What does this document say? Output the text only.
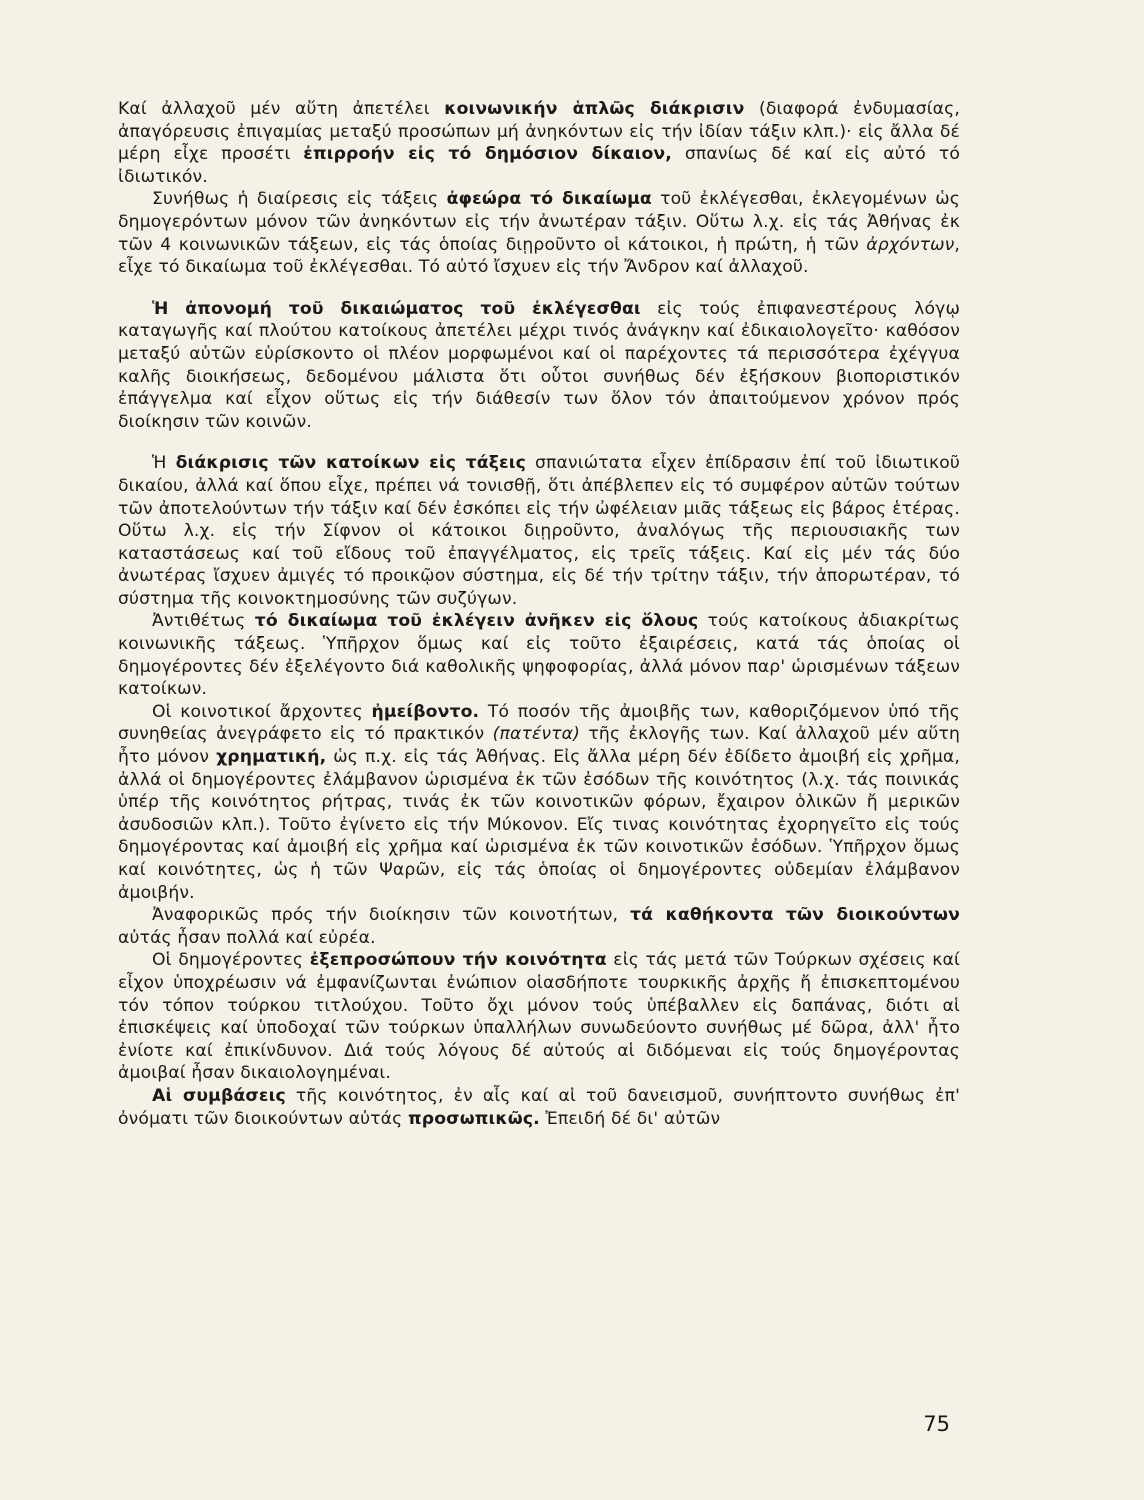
Καί ἀλλαχοῦ μέν αὕτη ἀπετέλει κοινωνικήν ἁπλῶς διάκρισιν (διαφορά ἐνδυμασίας, ἀπαγόρευσις ἐπιγαμίας μεταξύ προσώπων μή ἀνηκόντων εἰς τήν ἰδίαν τάξιν κλπ.)· εἰς ἄλλα δέ μέρη εἶχε προσέτι ἐπιρροήν εἰς τό δημόσιον δίκαιον, σπανίως δέ καί εἰς αὐτό τό ἰδιωτικόν.

Συνήθως ἡ διαίρεσις εἰς τάξεις ἀφεώρα τό δικαίωμα τοῦ ἐκλέγεσθαι, ἐκλεγομένων ὡς δημογερόντων μόνον τῶν ἀνηκόντων εἰς τήν ἀνωτέραν τάξιν. Οὕτω λ.χ. εἰς τάς Ἀθήνας ἐκ τῶν 4 κοινωνικῶν τάξεων, εἰς τάς ὁποίας διῃροῦντο οἱ κάτοικοι, ἡ πρώτη, ἡ τῶν ἀρχόντων, εἶχε τό δικαίωμα τοῦ ἐκλέγεσθαι. Τό αὐτό ἴσχυεν εἰς τήν Ἄνδρον καί ἀλλαχοῦ.

Ἡ ἀπονομή τοῦ δικαιώματος τοῦ ἐκλέγεσθαι εἰς τούς ἐπιφανεστέρους λόγῳ καταγωγῆς καί πλούτου κατοίκους ἀπετέλει μέχρι τινός ἀνάγκην καί ἐδικαιολογεῖτο· καθόσον μεταξύ αὐτῶν εὑρίσκοντο οἱ πλέον μορφωμένοι καί οἱ παρέχοντες τά περισσότερα ἐχέγγυα καλῆς διοικήσεως, δεδομένου μάλιστα ὅτι οὗτοι συνήθως δέν ἐξήσκουν βιοποριστικόν ἐπάγγελμα καί εἶχον οὕτως εἰς τήν διάθεσίν των ὅλον τόν ἀπαιτούμενον χρόνον πρός διοίκησιν τῶν κοινῶν.

Ἡ διάκρισις τῶν κατοίκων εἰς τάξεις σπανιώτατα εἶχεν ἐπίδρασιν ἐπί τοῦ ἰδιωτικοῦ δικαίου, ἀλλά καί ὅπου εἶχε, πρέπει νά τονισθῇ, ὅτι ἀπέβλεπεν εἰς τό συμφέρον αὐτῶν τούτων τῶν ἀποτελούντων τήν τάξιν καί δέν ἐσκόπει εἰς τήν ὠφέλειαν μιᾶς τάξεως εἰς βάρος ἑτέρας. Οὕτω λ.χ. εἰς τήν Σίφνον οἱ κάτοικοι διῃροῦντο, ἀναλόγως τῆς περιουσιακῆς των καταστάσεως καί τοῦ εἴδους τοῦ ἐπαγγέλματος, εἰς τρεῖς τάξεις. Καί εἰς μέν τάς δύο ἀνωτέρας ἴσχυεν ἀμιγές τό προικῷον σύστημα, εἰς δέ τήν τρίτην τάξιν, τήν ἀπορωτέραν, τό σύστημα τῆς κοινοκτημοσύνης τῶν συζύγων.

Ἀντιθέτως τό δικαίωμα τοῦ ἐκλέγειν ἀνῆκεν εἰς ὅλους τούς κατοίκους ἀδιακρίτως κοινωνικῆς τάξεως. Ὑπῆρχον ὅμως καί εἰς τοῦτο ἐξαιρέσεις, κατά τάς ὁποίας οἱ δημογέροντες δέν ἐξελέγοντο διά καθολικῆς ψηφοφορίας, ἀλλά μόνον παρ' ὡρισμένων τάξεων κατοίκων.

Οἱ κοινοτικοί ἄρχοντες ἠμείβοντο. Τό ποσόν τῆς ἀμοιβῆς των, καθοριζόμενον ὑπό τῆς συνηθείας ἀνεγράφετο εἰς τό πρακτικόν (πατέντα) τῆς ἐκλογῆς των. Καί ἀλλαχοῦ μέν αὕτη ἦτο μόνον χρηματική, ὡς π.χ. εἰς τάς Ἀθήνας. Εἰς ἄλλα μέρη δέν ἐδίδετο ἀμοιβή εἰς χρῆμα, ἀλλά οἱ δημογέροντες ἐλάμβανον ὡρισμένα ἐκ τῶν ἐσόδων τῆς κοινότητος (λ.χ. τάς ποινικάς ὑπέρ τῆς κοινότητος ρήτρας, τινάς ἐκ τῶν κοινοτικῶν φόρων, ἔχαιρον ὁλικῶν ἤ μερικῶν ἀσυδοσιῶν κλπ.). Τοῦτο ἐγίνετο εἰς τήν Μύκονον. Εἴς τινας κοινότητας ἐχορηγεῖτο εἰς τούς δημογέροντας καί ἀμοιβή εἰς χρῆμα καί ὡρισμένα ἐκ τῶν κοινοτικῶν ἐσόδων. Ὑπῆρχον ὅμως καί κοινότητες, ὡς ἡ τῶν Ψαρῶν, εἰς τάς ὁποίας οἱ δημογέροντες οὐδεμίαν ἐλάμβανον ἀμοιβήν.

Ἀναφορικῶς πρός τήν διοίκησιν τῶν κοινοτήτων, τά καθήκοντα τῶν διοικούντων αὐτάς ἦσαν πολλά καί εὐρέα.

Οἱ δημογέροντες ἐξεπροσώπουν τήν κοινότητα εἰς τάς μετά τῶν Τούρκων σχέσεις καί εἶχον ὑποχρέωσιν νά ἐμφανίζωνται ἐνώπιον οἱασδήποτε τουρκικῆς ἀρχῆς ἤ ἐπισκεπτομένου τόν τόπον τούρκου τιτλούχου. Τοῦτο ὄχι μόνον τούς ὑπέβαλλεν εἰς δαπάνας, διότι αἱ ἐπισκέψεις καί ὑποδοχαί τῶν τούρκων ὑπαλλήλων συνωδεύοντο συνήθως μέ δῶρα, ἀλλ' ἦτο ἐνίοτε καί ἐπικίνδυνον. Διά τούς λόγους δέ αὐτούς αἱ διδόμεναι εἰς τούς δημογέροντας ἀμοιβαί ἦσαν δικαιολογημέναι.

Αἱ συμβάσεις τῆς κοινότητος, ἐν αἷς καί αἱ τοῦ δανεισμοῦ, συνήπτοντο συνήθως ἐπ' ὀνόματι τῶν διοικούντων αὐτάς προσωπικῶς. Ἐπειδή δέ δι' αὐτῶν

75
